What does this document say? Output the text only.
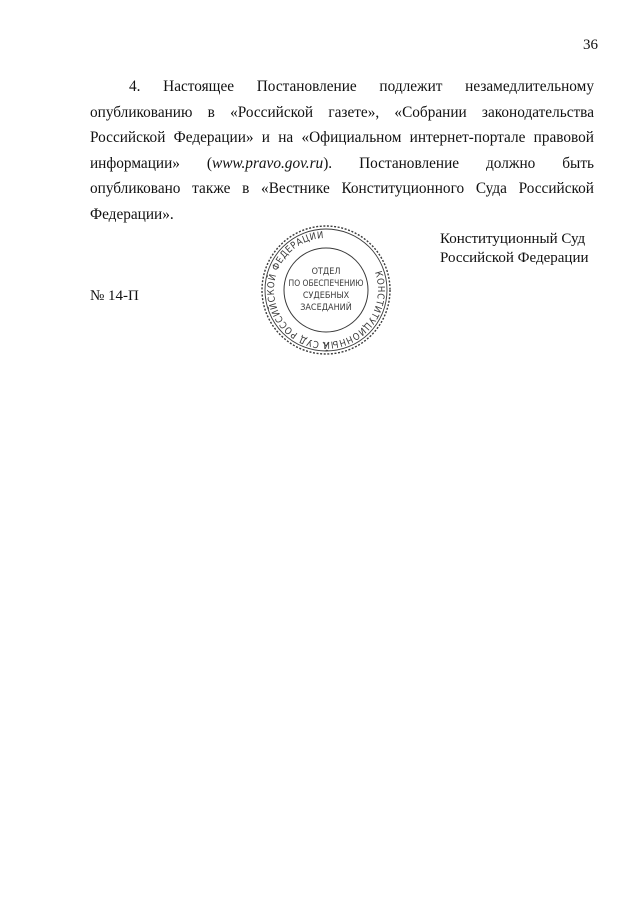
36

4. Настоящее Постановление подлежит незамедлительному опубликованию в «Российской газете», «Собрании законодательства Российской Федерации» и на «Официальном интернет-портале правовой информации» (www.pravo.gov.ru). Постановление должно быть опубликовано также в «Вестнике Конституционного Суда Российской Федерации».

КОНСТИТУЦИОННЫЙ СУД РОССИЙСКОЙ ФЕДЕРАЦИИ
ОТДЕЛ
ПО ОБЕСПЕЧЕНИЮ
СУДЕБНЫХ
ЗАСЕДАНИЙ
Конституционный Суд
Российской Федерации
№ 14-П
